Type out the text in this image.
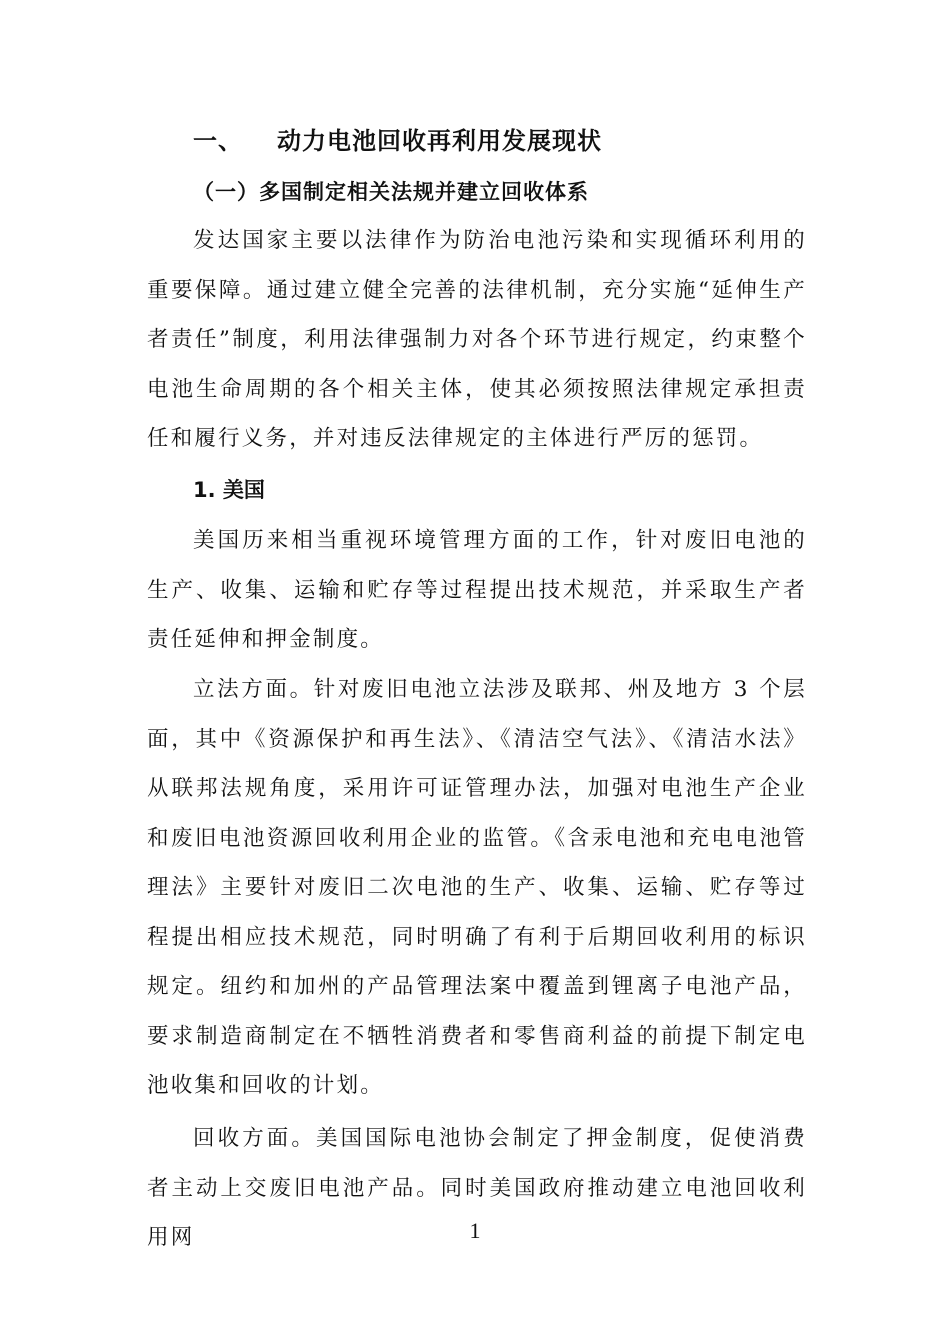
一、 动力电池回收再利用发展现状
（一）多国制定相关法规并建立回收体系

发达国家主要以法律作为防治电池污染和实现循环利用的重要保障。通过建立健全完善的法律机制，充分实施“延伸生产者责任”制度，利用法律强制力对各个环节进行规定，约束整个电池生命周期的各个相关主体，使其必须按照法律规定承担责任和履行义务，并对违反法律规定的主体进行严厉的惩罚。

1. 美国

美国历来相当重视环境管理方面的工作，针对废旧电池的生产、收集、运输和贮存等过程提出技术规范，并采取生产者责任延伸和押金制度。

立法方面。针对废旧电池立法涉及联邦、州及地方 3 个层面，其中《资源保护和再生法》、《清洁空气法》、《清洁水法》从联邦法规角度，采用许可证管理办法，加强对电池生产企业和废旧电池资源回收利用企业的监管。《含汞电池和充电电池管理法》主要针对废旧二次电池的生产、收集、运输、贮存等过程提出相应技术规范，同时明确了有利于后期回收利用的标识规定。纽约和加州的产品管理法案中覆盖到锂离子电池产品，要求制造商制定在不牺牲消费者和零售商利益的前提下制定电池收集和回收的计划。

回收方面。美国国际电池协会制定了押金制度，促使消费者主动上交废旧电池产品。同时美国政府推动建立电池回收利用网	1
